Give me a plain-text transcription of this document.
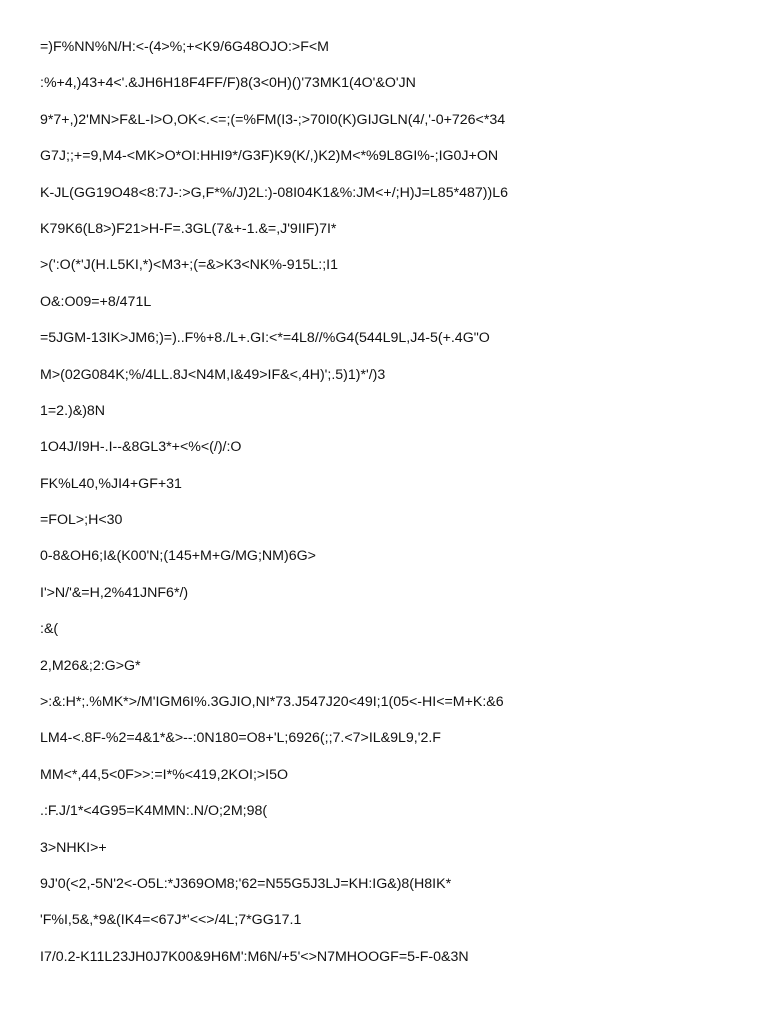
=)F%NN%N/H:<-(4>%;+<K9/6G48OJO:>F<M
:%+4,)43+4<'.&JH6H18F4FF/F)8(3<0H)()'73MK1(4O'&O'JN
9*7+,)2'MN>F&L-I>O,OK<.<=;(=%FM(I3-;>70I0(K)GIJGLN(4/,'-0+726<*34
G7J;;+=9,M4-<MK>O*OI:HHI9*/G3F)K9(K/,)K2)M<*%9L8GI%-;IG0J+ON
K-JL(GG19O48<8:7J-:>G,F*%/J)2L:)-08I04K1&%:JM<+/;H)J=L85*487))L6
K79K6(L8>)F21>H-F=.3GL(7&+-1.&=,J'9IIF)7I*
>(':O(*'J(H.L5KI,*)<M3+;(=&>K3<NK%-915L:;I1
O&:O09=+8/471L
=5JGM-13IK>JM6;)=)..F%+8./L+.GI:<*=4L8//%G4(544L9L,J4-5(+.4G"O
M>(02G084K;%/4LL.8J<N4M,I&49>IF&<,4H)';.5)1)*'/)3
1=2.)&)8N
1O4J/I9H-.I--&8GL3*+<%<(/)/:O
FK%L40,%JI4+GF+31
=FOL>;H<30
0-8&OH6;I&(K00'N;(145+M+G/MG;NM)6G>
I'>N/'&=H,2%41JNF6*/)
:&(
2,M26&;2:G>G*
>:&:H*;.%MK*>/M'IGM6I%.3GJIO,NI*73.J547J20<49I;1(05<-HI<=M+K:&6
LM4-<.8F-%2=4&1*&>--:0N180=O8+'L;6926(;;7.<7>IL&9L9,'2.F
MM<*,44,5<0F>>:=I*%<419,2KOI;>I5O
.:F.J/1*<4G95=K4MMN:.N/O;2M;98(
3>NHKI>+
9J'0(<2,-5N'2<-O5L:*J369OM8;'62=N55G5J3LJ=KH:IG&)8(H8IK*
'F%I,5&,*9&(IK4=<67J*'<<>/4L;7*GG17.1
I7/0.2-K11L23JH0J7K00&9H6M':M6N/+5'<>N7MHOOGF=5-F-0&3N
